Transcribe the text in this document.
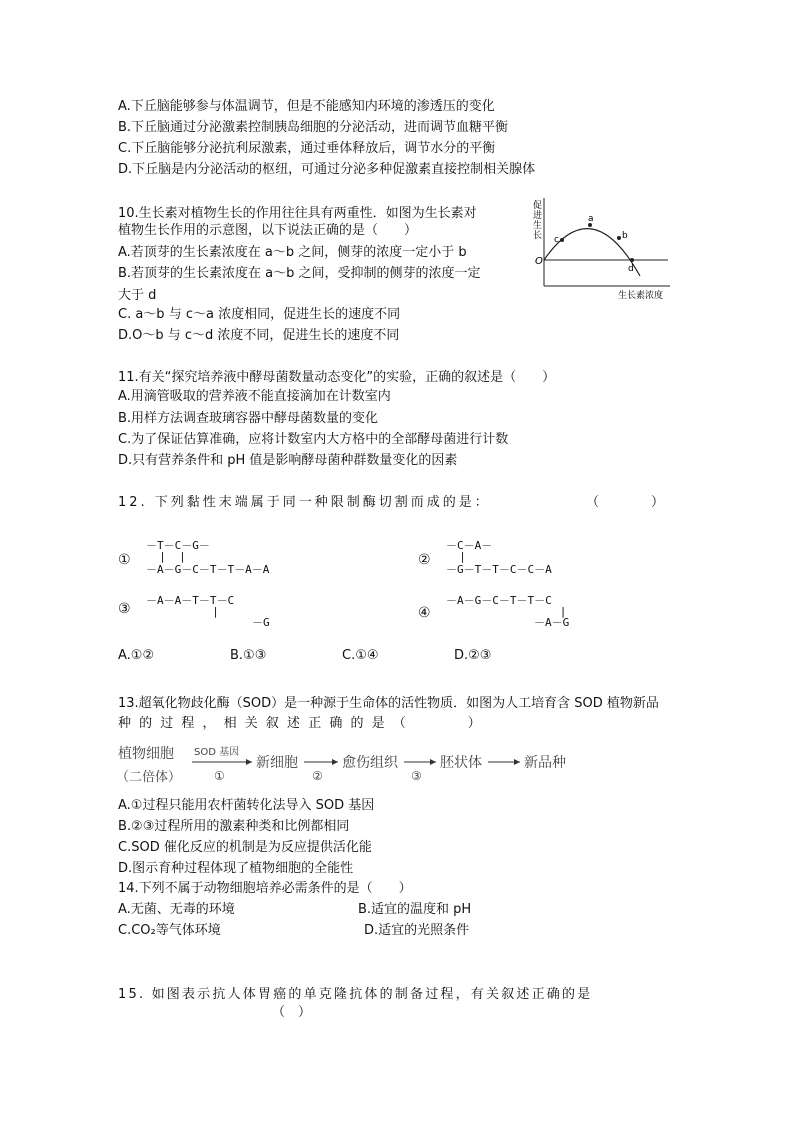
A.下丘脑能够参与体温调节，但是不能感知内环境的渗透压的变化
B.下丘脑通过分泌激素控制胰岛细胞的分泌活动，进而调节血糖平衡
C.下丘脑能够分泌抗利尿激素，通过垂体释放后，调节水分的平衡
D.下丘脑是内分泌活动的枢纽，可通过分泌多种促激素直接控制相关腺体
10.生长素对植物生长的作用往往具有两重性．如图为生长素对
植物生长作用的示意图，以下说法正确的是（　　）
A.若顶芽的生长素浓度在 a～b 之间，侧芽的浓度一定小于 b
B.若顶芽的生长素浓度在 a～b 之间，受抑制的侧芽的浓度一定
大于 d
C. a～b 与 c～a 浓度相同，促进生长的速度不同
D.O～b 与 c～d 浓度不同，促进生长的速度不同
促
进
生
长
O
a
b
c
d
生长素浓度
11.有关“探究培养液中酵母菌数量动态变化”的实验，正确的叙述是（　　）
A.用滴管吸取的营养液不能直接滴加在计数室内
B.用样方法调查玻璃容器中酵母菌数量的变化
C.为了保证估算准确，应将计数室内大方格中的全部酵母菌进行计数
D.只有营养条件和 pH 值是影响酵母菌种群数量变化的因素
12. 下列黏性末端属于同一种限制酶切割而成的是：	（　　　　）
①
－T－C－G－
|  |
－A－G－C－T－T－A－A
②
－C－A－
|
－G－T－T－C－C－A
③
－A－A－T－T－C
|
－G
④
－A－G－C－T－T－C
|
－A－G
A.①②	B.①③	C.①④	D.②③
13.超氧化物歧化酶（SOD）是一种源于生命体的活性物质．如图为人工培育含 SOD 植物新品
种 的 过 程 ， 相 关 叙 述 正 确 的 是 （　　　　）
植物细胞
（二倍体）
SOD 基因
①
新细胞
②
愈伤组织
③
胚状体	新品种
A.①过程只能用农杆菌转化法导入 SOD 基因
B.②③过程所用的激素种类和比例都相同
C.SOD 催化反应的机制是为反应提供活化能
D.图示育种过程体现了植物细胞的全能性
14.下列不属于动物细胞培养必需条件的是（　　）
A.无菌、无毒的环境	B.适宜的温度和 pH
C.CO₂等气体环境	D.适宜的光照条件
15. 如图表示抗人体胃癌的单克隆抗体的制备过程，有关叙述正确的是
（　）
